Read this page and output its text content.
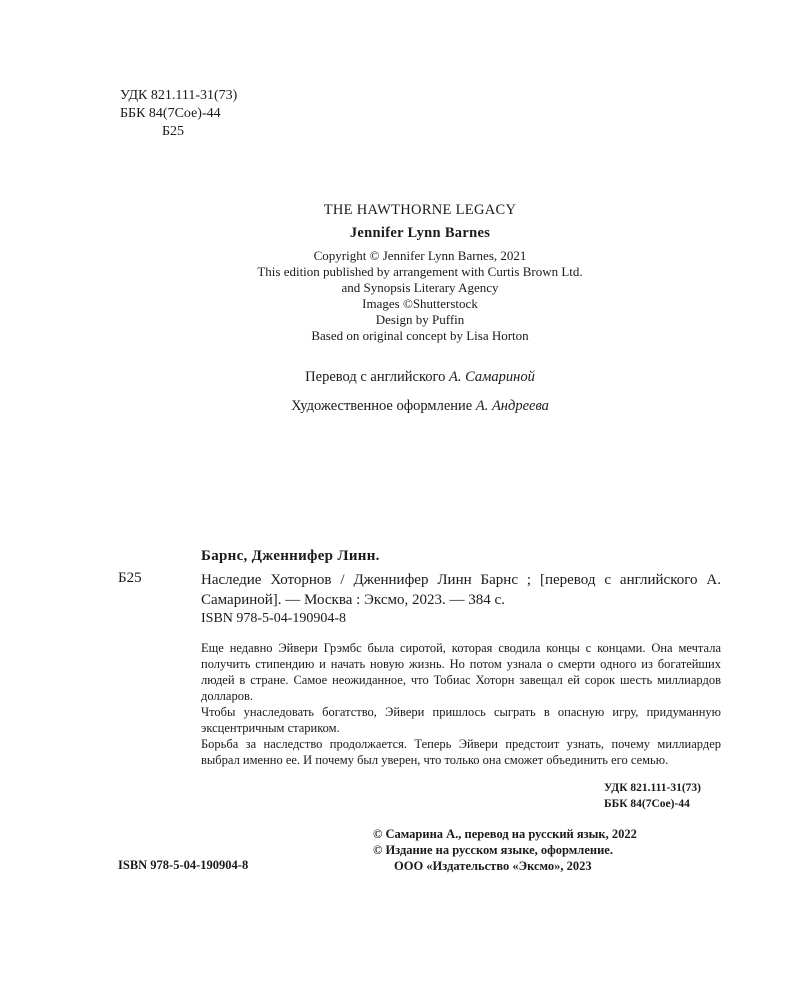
УДК 821.111-31(73)
ББК 84(7Сое)-44
Б25
THE HAWTHORNE LEGACY
Jennifer Lynn Barnes
Copyright © Jennifer Lynn Barnes, 2021
This edition published by arrangement with Curtis Brown Ltd.
and Synopsis Literary Agency
Images ©Shutterstock
Design by Puffin
Based on original concept by Lisa Horton
Перевод с английского А. Самариной
Художественное оформление А. Андреева
Барнс, Дженнифер Линн.
Б25	Наследие Хоторнов / Дженнифер Линн Барнс ; [перевод с английского А. Самариной]. — Москва : Эксмо, 2023. — 384 с.
ISBN 978-5-04-190904-8

Еще недавно Эйвери Грэмбс была сиротой, которая сводила концы с концами. Она мечтала получить стипендию и начать новую жизнь. Но потом узнала о смерти одного из богатейших людей в стране. Самое неожиданное, что Тобиас Хоторн завещал ей сорок шесть миллиардов долларов.

Чтобы унаследовать богатство, Эйвери пришлось сыграть в опасную игру, придуманную эксцентричным стариком.

Борьба за наследство продолжается. Теперь Эйвери предстоит узнать, почему миллиардер выбрал именно ее. И почему был уверен, что только она сможет объединить его семью.

УДК 821.111-31(73)
ББК 84(7Сое)-44
© Самарина А., перевод на русский язык, 2022
© Издание на русском языке, оформление.
ООО «Издательство «Эксмо», 2023
ISBN 978-5-04-190904-8
